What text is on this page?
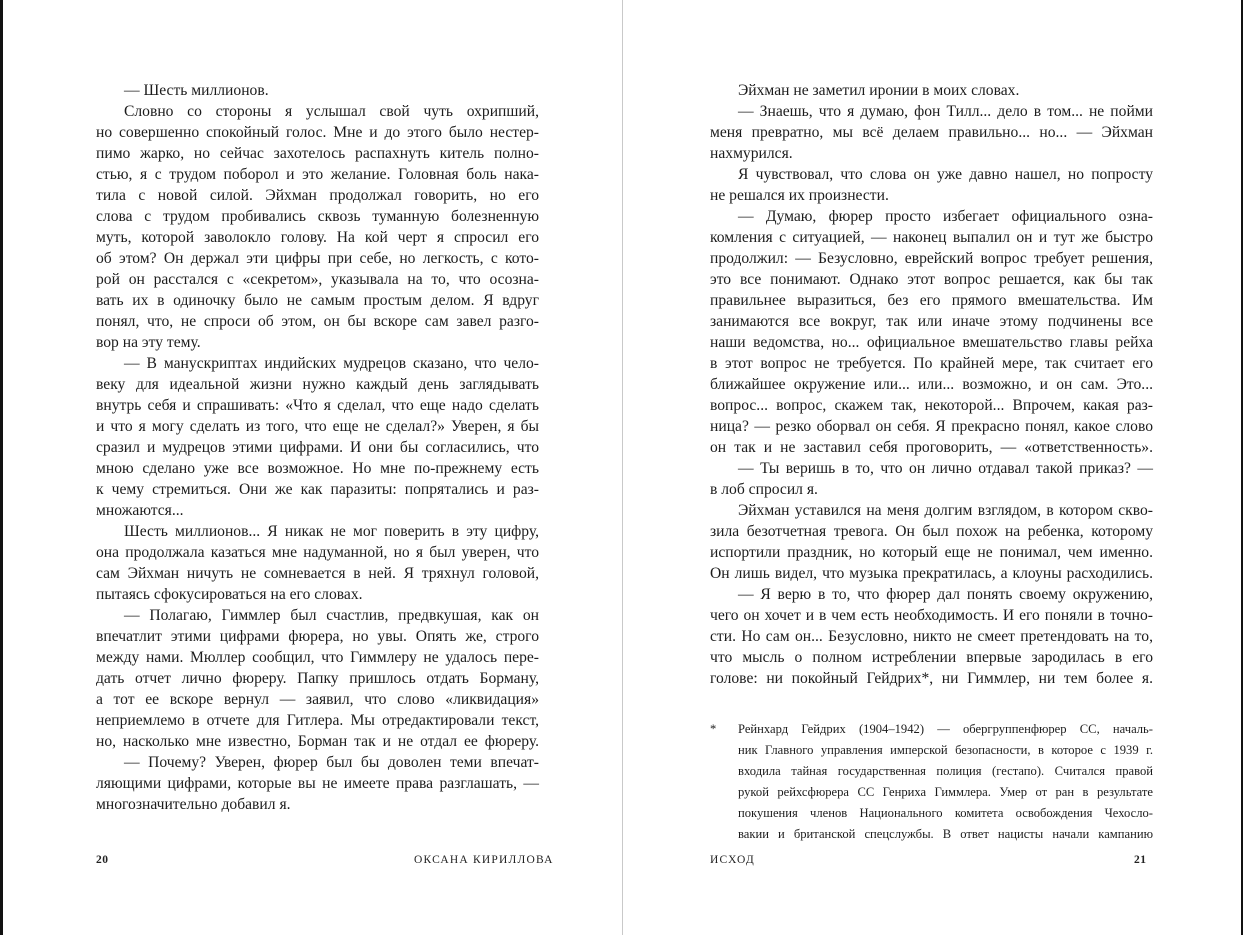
— Шесть миллионов.
Словно со стороны я услышал свой чуть охрипший,
но совершенно спокойный голос. Мне и до этого было нестер-
пимо жарко, но сейчас захотелось распахнуть китель полно-
стью, я с трудом поборол и это желание. Головная боль нака-
тила с новой силой. Эйхман продолжал говорить, но его
слова с трудом пробивались сквозь туманную болезненную
муть, которой заволокло голову. На кой черт я спросил его
об этом? Он держал эти цифры при себе, но легкость, с кото-
рой он расстался с «секретом», указывала на то, что осозна-
вать их в одиночку было не самым простым делом. Я вдруг
понял, что, не спроси об этом, он бы вскоре сам завел разго-
вор на эту тему.
— В манускриптах индийских мудрецов сказано, что чело-
веку для идеальной жизни нужно каждый день заглядывать
внутрь себя и спрашивать: «Что я сделал, что еще надо сделать
и что я могу сделать из того, что еще не сделал?» Уверен, я бы
сразил и мудрецов этими цифрами. И они бы согласились, что
мною сделано уже все возможное. Но мне по-прежнему есть
к чему стремиться. Они же как паразиты: попрятались и раз-
множаются...
Шесть миллионов... Я никак не мог поверить в эту цифру,
она продолжала казаться мне надуманной, но я был уверен, что
сам Эйхман ничуть не сомневается в ней. Я тряхнул головой,
пытаясь сфокусироваться на его словах.
— Полагаю, Гиммлер был счастлив, предвкушая, как он
впечатлит этими цифрами фюрера, но увы. Опять же, строго
между нами. Мюллер сообщил, что Гиммлеру не удалось пере-
дать отчет лично фюреру. Папку пришлось отдать Борману,
а тот ее вскоре вернул — заявил, что слово «ликвидация»
неприемлемо в отчете для Гитлера. Мы отредактировали текст,
но, насколько мне известно, Борман так и не отдал ее фюреру.
— Почему? Уверен, фюрер был бы доволен теми впечат-
ляющими цифрами, которые вы не имеете права разглашать, —
многозначительно добавил я.
Эйхман не заметил иронии в моих словах.
— Знаешь, что я думаю, фон Тилл... дело в том... не пойми
меня превратно, мы всё делаем правильно... но... — Эйхман
нахмурился.
Я чувствовал, что слова он уже давно нашел, но попросту
не решался их произнести.
— Думаю, фюрер просто избегает официального озна-
комления с ситуацией, — наконец выпалил он и тут же быстро
продолжил: — Безусловно, еврейский вопрос требует решения,
это все понимают. Однако этот вопрос решается, как бы так
правильнее выразиться, без его прямого вмешательства. Им
занимаются все вокруг, так или иначе этому подчинены все
наши ведомства, но... официальное вмешательство главы рейха
в этот вопрос не требуется. По крайней мере, так считает его
ближайшее окружение или... или... возможно, и он сам. Это...
вопрос... вопрос, скажем так, некоторой... Впрочем, какая раз-
ница? — резко оборвал он себя. Я прекрасно понял, какое слово
он так и не заставил себя проговорить, — «ответственность».
— Ты веришь в то, что он лично отдавал такой приказ? —
в лоб спросил я.
Эйхман уставился на меня долгим взглядом, в котором скво-
зила безотчетная тревога. Он был похож на ребенка, которому
испортили праздник, но который еще не понимал, чем именно.
Он лишь видел, что музыка прекратилась, а клоуны расходились.
— Я верю в то, что фюрер дал понять своему окружению,
чего он хочет и в чем есть необходимость. И его поняли в точно-
сти. Но сам он... Безусловно, никто не смеет претендовать на то,
что мысль о полном истреблении впервые зародилась в его
голове: ни покойный Гейдрих*, ни Гиммлер, ни тем более я.
* Рейнхард Гейдрих (1904–1942) — обергруппенфюрер СС, началь-
ник Главного управления имперской безопасности, в которое с 1939 г.
входила тайная государственная полиция (гестапо). Считался правой
рукой рейхсфюрера СС Генриха Гиммлера. Умер от ран в результате
покушения членов Национального комитета освобождения Чехосло-
вакии и британской спецслужбы. В ответ нацисты начали кампанию
20	ОКСАНА КИРИЛЛОВА	ИСХОД	21
